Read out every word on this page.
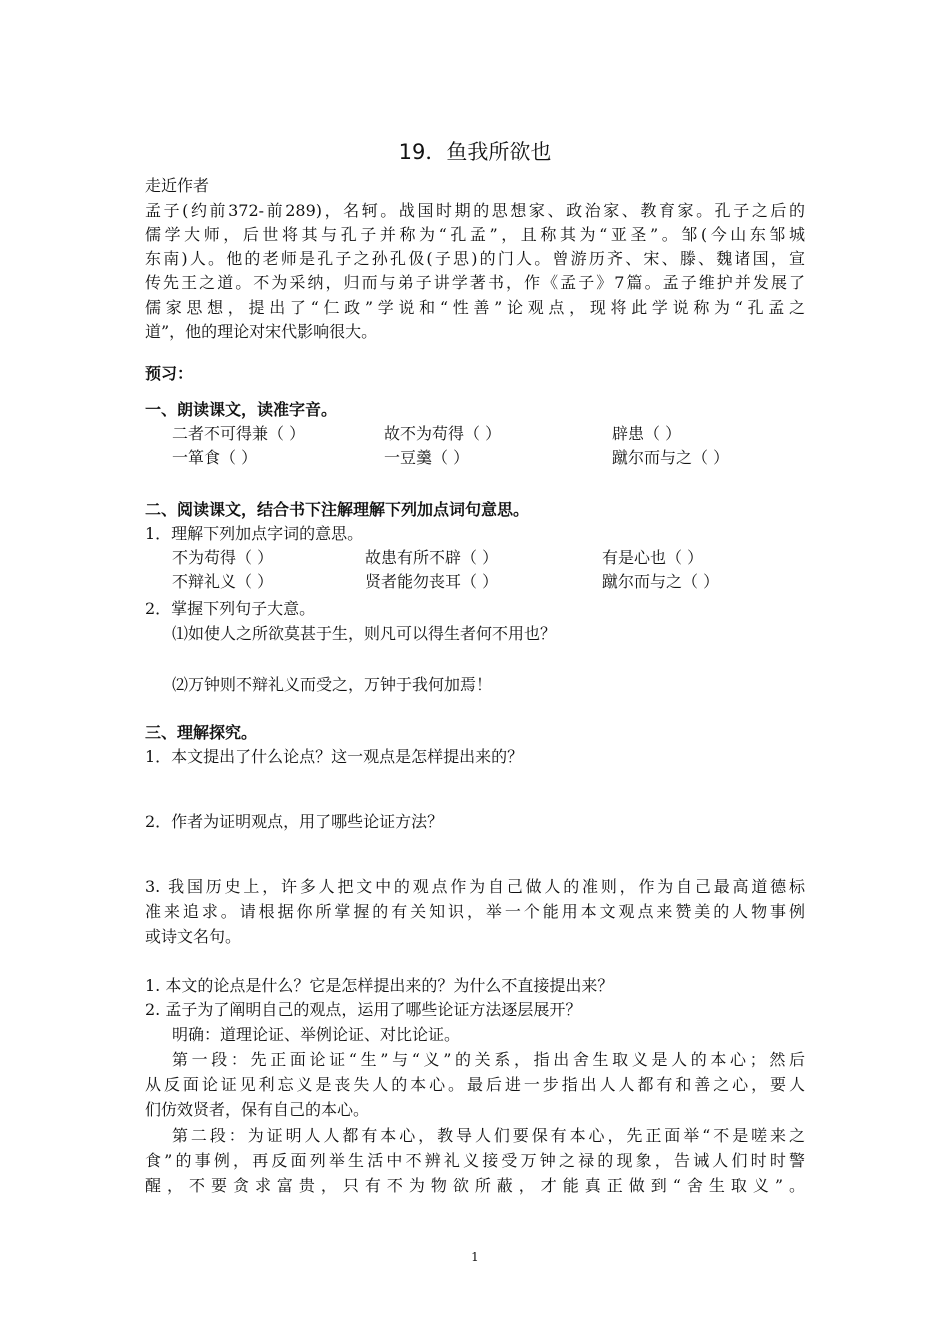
19．鱼我所欲也
走近作者
孟子(约前372-前289)，名轲。战国时期的思想家、政治家、教育家。孔子之后的
儒学大师，后世将其与孔子并称为“孔孟”，且称其为“亚圣”。邹(今山东邹城
东南)人。他的老师是孔子之孙孔伋(子思)的门人。曾游历齐、宋、滕、魏诸国，宣
传先王之道。不为采纳，归而与弟子讲学著书，作《孟子》7篇。孟子维护并发展了
儒家思想，提出了“仁政”学说和“性善”论观点，现将此学说称为“孔孟之
道”，他的理论对宋代影响很大。
预习：
一、朗读课文，读准字音。
二者不可得兼（ ）	故不为苟得（ ）	辟患（ ）
一箪食（ ）	一豆羹（ ）	蹴尔而与之（ ）
二、阅读课文，结合书下注解理解下列加点词句意思。
1．理解下列加点字词的意思。
不为苟得（ ）	故患有所不辟（ ）	有是心也（ ）
不辩礼义（ ）	贤者能勿丧耳（ ）	蹴尔而与之（ ）
2．掌握下列句子大意。
⑴如使人之所欲莫甚于生，则凡可以得生者何不用也？
⑵万钟则不辩礼义而受之，万钟于我何加焉！
三、理解探究。
1．本文提出了什么论点？这一观点是怎样提出来的？
2．作者为证明观点，用了哪些论证方法？
3. 我国历史上，许多人把文中的观点作为自己做人的准则，作为自己最高道德标
准来追求。请根据你所掌握的有关知识，举一个能用本文观点来赞美的人物事例
或诗文名句。
1. 本文的论点是什么？它是怎样提出来的？为什么不直接提出来？
2. 孟子为了阐明自己的观点，运用了哪些论证方法逐层展开？
明确：道理论证、举例论证、对比论证。
第一段：先正面论证“生”与“义”的关系，指出舍生取义是人的本心；然后
从反面论证见利忘义是丧失人的本心。最后进一步指出人人都有和善之心，要人
们仿效贤者，保有自己的本心。
第二段：为证明人人都有本心，教导人们要保有本心，先正面举“不是嗟来之
食”的事例，再反面列举生活中不辨礼义接受万钟之禄的现象，告诫人们时时警
醒，不要贪求富贵，只有不为物欲所蔽，才能真正做到“舍生取义”。
1
